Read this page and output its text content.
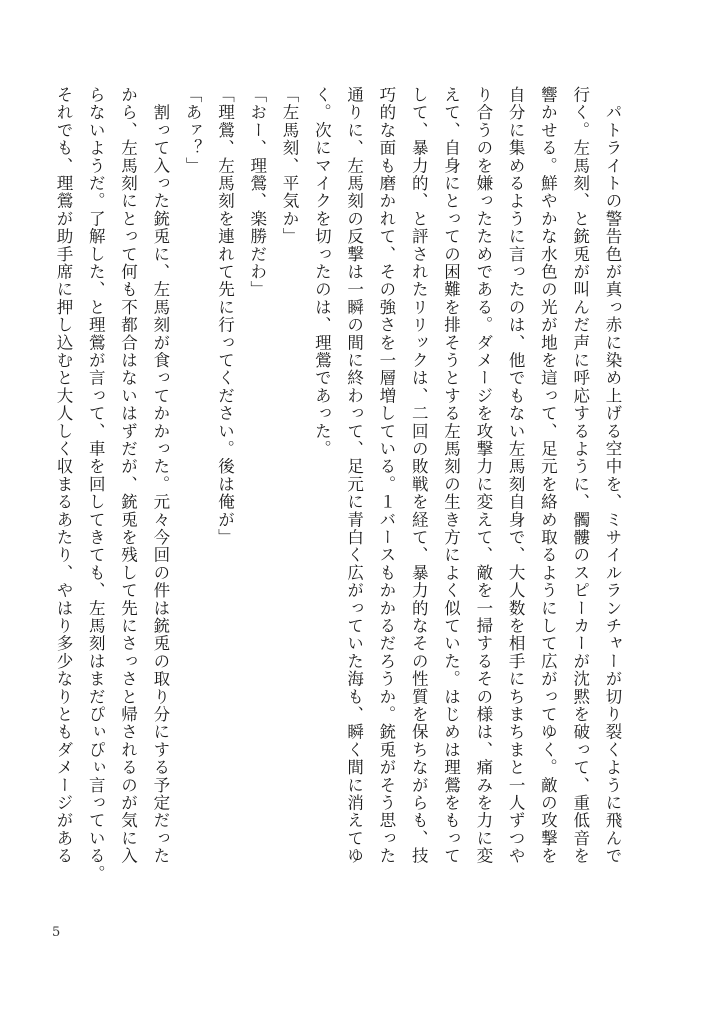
　パトライトの警告色が真っ赤に染め上げる空中を、ミサイルランチャーが切り裂くように飛んで

行く。左馬刻、と銃兎が叫んだ声に呼応するように、髑髏のスピーカーが沈黙を破って、重低音を

響かせる。鮮やかな水色の光が地を這って、足元を絡め取るようにして広がってゆく。敵の攻撃を

自分に集めるように言ったのは、他でもない左馬刻自身で、大人数を相手にちまちまと一人ずつや

り合うのを嫌ったためである。ダメージを攻撃力に変えて、敵を一掃するその様は、痛みを力に変

えて、自身にとっての困難を排そうとする左馬刻の生き方によく似ていた。はじめは理鶯をもって

して、暴力的、と評されたリリックは、二回の敗戦を経て、暴力的なその性質を保ちながらも、技

巧的な面も磨かれて、その強さを一層増している。１バースもかかるだろうか。銃兎がそう思った

通りに、左馬刻の反撃は一瞬の間に終わって、足元に青白く広がっていた海も、瞬く間に消えてゆ

く。次にマイクを切ったのは、理鶯であった。

「左馬刻、平気か」

「おー、理鶯、楽勝だわ」

「理鶯、左馬刻を連れて先に行ってください。後は俺が」

「あァ？」

　割って入った銃兎に、左馬刻が食ってかかった。元々今回の件は銃兎の取り分にする予定だった

から、左馬刻にとって何も不都合はないはずだが、銃兎を残して先にさっさと帰されるのが気に入

らないようだ。了解した、と理鶯が言って、車を回してきても、左馬刻はまだぴぃぴぃ言っている。

それでも、理鶯が助手席に押し込むと大人しく収まるあたり、やはり多少なりともダメージがある

5
